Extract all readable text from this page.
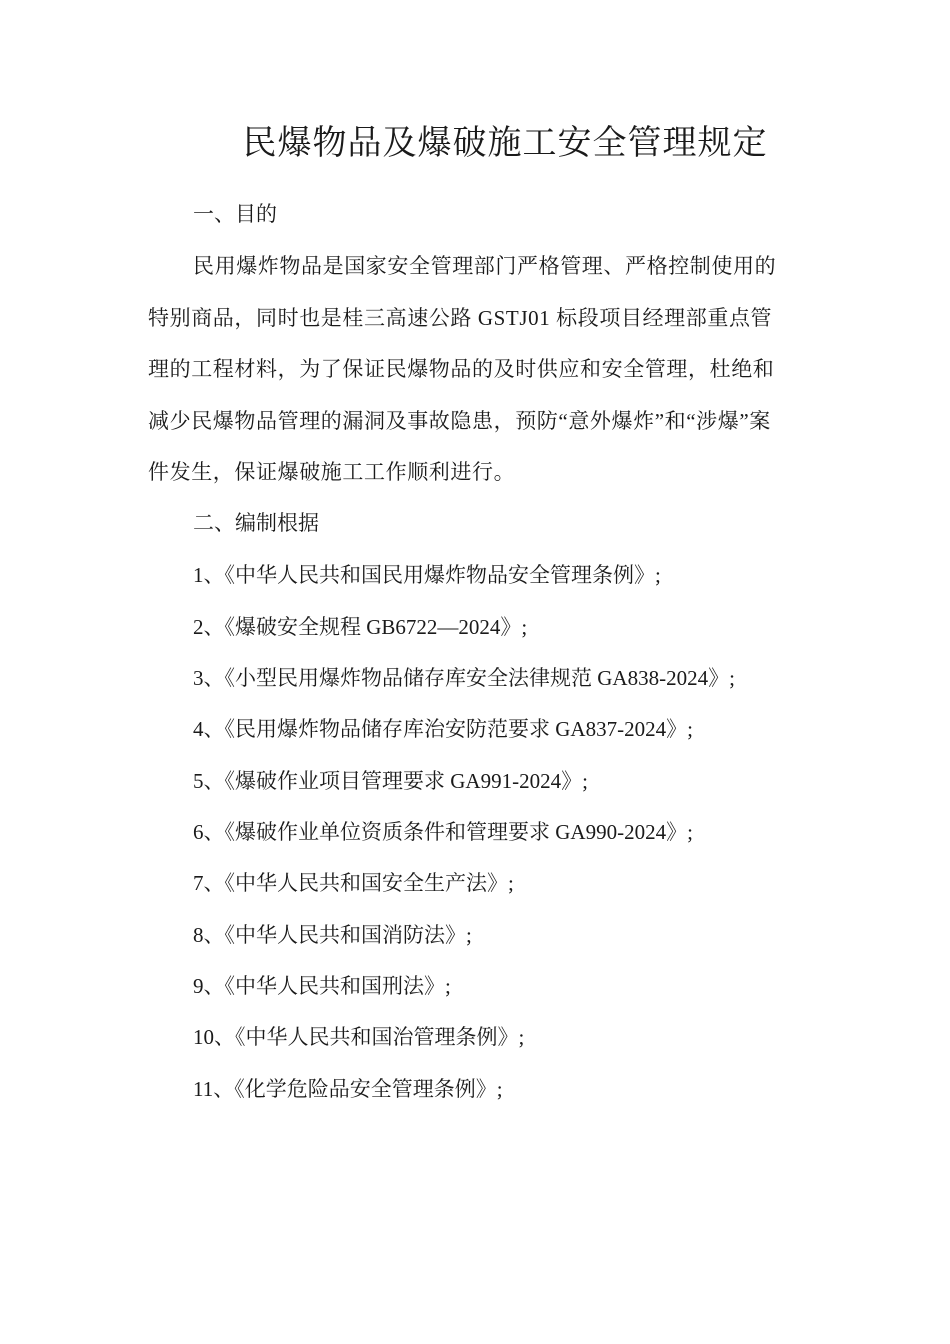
民爆物品及爆破施工安全管理规定
一、目的
民用爆炸物品是国家安全管理部门严格管理、严格控制使用的
特别商品，同时也是桂三高速公路 GSTJ01 标段项目经理部重点管
理的工程材料，为了保证民爆物品的及时供应和安全管理，杜绝和
减少民爆物品管理的漏洞及事故隐患，预防“意外爆炸”和“涉爆”案
件发生，保证爆破施工工作顺利进行。
二、编制根据
1、《中华人民共和国民用爆炸物品安全管理条例》;
2、《爆破安全规程 GB6722—2024》;
3、《小型民用爆炸物品储存库安全法律规范 GA838-2024》;
4、《民用爆炸物品储存库治安防范要求 GA837-2024》;
5、《爆破作业项目管理要求 GA991-2024》;
6、《爆破作业单位资质条件和管理要求 GA990-2024》;
7、《中华人民共和国安全生产法》;
8、《中华人民共和国消防法》;
9、《中华人民共和国刑法》;
10、《中华人民共和国治管理条例》;
11、《化学危险品安全管理条例》;
